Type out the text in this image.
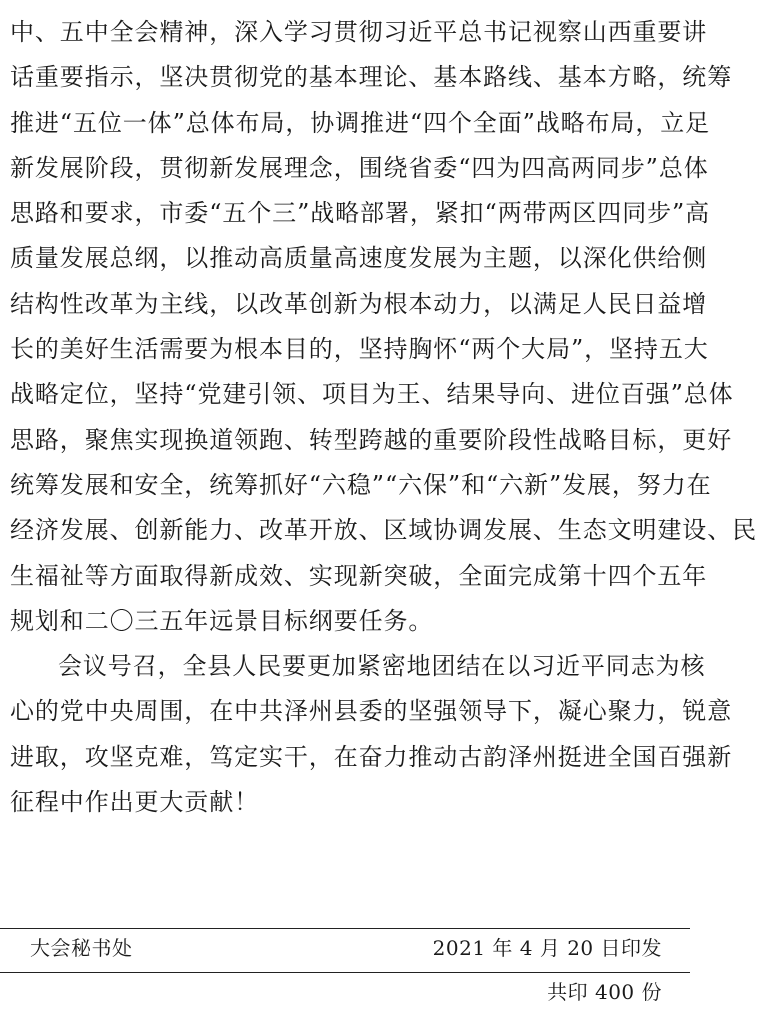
中、五中全会精神，深入学习贯彻习近平总书记视察山西重要讲
话重要指示，坚决贯彻党的基本理论、基本路线、基本方略，统筹
推进“五位一体”总体布局，协调推进“四个全面”战略布局，立足
新发展阶段，贯彻新发展理念，围绕省委“四为四高两同步”总体
思路和要求，市委“五个三”战略部署，紧扣“两带两区四同步”高
质量发展总纲，以推动高质量高速度发展为主题，以深化供给侧
结构性改革为主线，以改革创新为根本动力，以满足人民日益增
长的美好生活需要为根本目的，坚持胸怀“两个大局”，坚持五大
战略定位，坚持“党建引领、项目为王、结果导向、进位百强”总体
思路，聚焦实现换道领跑、转型跨越的重要阶段性战略目标，更好
统筹发展和安全，统筹抓好“六稳”“六保”和“六新”发展，努力在
经济发展、创新能力、改革开放、区域协调发展、生态文明建设、民
生福祉等方面取得新成效、实现新突破，全面完成第十四个五年
规划和二〇三五年远景目标纲要任务。
会议号召，全县人民要更加紧密地团结在以习近平同志为核
心的党中央周围，在中共泽州县委的坚强领导下，凝心聚力，锐意
进取，攻坚克难，笃定实干，在奋力推动古韵泽州挺进全国百强新
征程中作出更大贡献！
大会秘书处	2021 年 4 月 20 日印发
共印 400 份
